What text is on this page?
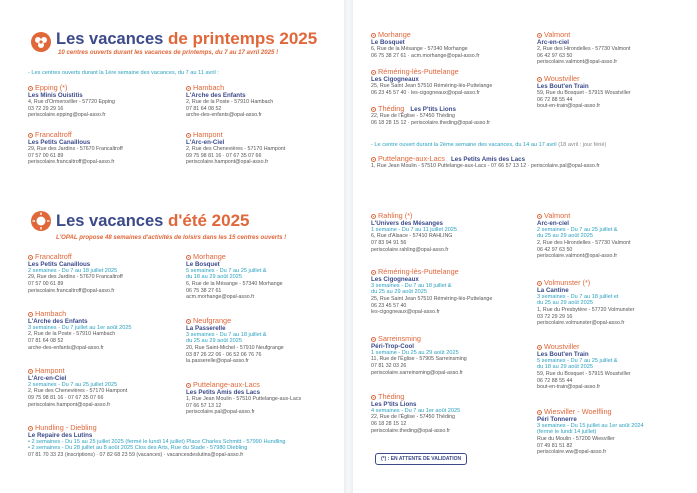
Les vacances de printemps 2025
10 centres ouverts durant les vacances de printemps, du 7 au 17 avril 2025 !
- Les centres ouverts durant la 1ère semaine des vacances, du 7 au 11 avril :
Epping (*)
Les Minis Ouistitis
4, Rue d'Ormersviller - 57720 Epping
03 72 29 29 16
periscolaire.epping@opal-asso.fr
Hambach
L'Arche des Enfants
2, Rue de la Poste - 57910 Hambach
07 81 64 08 52
arche-des-enfants@opal-asso.fr
Francaltroff
Les Petits Canaillous
29, Rue des Jardins - 57670 Francaltroff
07 57 00 61 89
periscolaire.francaltroff@opal-asso.fr
Hampont
L'Arc-en-Ciel
2, Rue des Chenevières - 57170 Hampont
09 75 98 81 16 · 07 67 35 07 66
periscolaire.hampont@opal-asso.fr
Les vacances d'été 2025
L'OPAL propose 48 semaines d'activités de loisirs dans les 15 centres ouverts !
Francaltroff
Les Petits Canaillous
2 semaines - Du 7 au 18 juillet 2025
29, Rue des Jardins - 57670 Francaltroff
07 57 00 61 89
periscolaire.francaltroff@opal-asso.fr
Hambach
L'Arche des Enfants
3 semaines - Du 7 juillet au 1er août 2025
2, Rue de la Poste - 57910 Hambach
07 81 64 08 52
arche-des-enfants@opal-asso.fr
Hampont
L'Arc-en-Ciel
2 semaines - Du 7 au 25 juillet 2025
2, Rue des Chenevières - 57170 Hampont
09 75 98 81 16 · 07 67 35 07 66
periscolaire.hampont@opal-asso.fr
Morhange
Le Bosquet
5 semaines - Du 7 au 25 juillet &
du 18 au 29 août 2025
6, Rue de la Mésange - 57340 Morhange
06 75 38 27 61
acm.morhange@opal-asso.fr
Neufgrange
La Passerelle
3 semaines - Du 7 au 18 juillet &
du 25 au 29 août 2025
20, Rue Saint-Michel - 57910 Neufgrange
03 87 26 22 06 · 06 52 06 76 76
la.passerelle@opal-asso.fr
Puttelange-aux-Lacs
Les Petits Amis des Lacs
1, Rue Jean Moulin - 57510 Puttelange-aux-Lacs
07 66 57 13 12
periscolaire.pal@opal-asso.fr
Hundling - Diebling
Le Repaire des Lutins
• 2 semaines - Du 15 au 25 juillet 2025 (fermé le lundi 14 juillet) Place Charles Schmitt - 57990 Hundling
• 2 semaines - Du 28 juillet au 8 août 2025 Clos des Arts, Rue du Stade - 57980 Diebling
07 81 70 33 23 (inscriptions) · 07 82 68 23 59 (vacances) · vacancesdeslutins@opal-asso.fr
Morhange
Le Bosquet
6, Rue de la Mésange - 57340 Morhange
06 75 38 27 61 · acm.morhange@opal-asso.fr
Valmont
Arc-en-ciel
2, Rue des Hirondelles - 57730 Valmont
06 42 97 63 50
periscolaire.valmont@opal-asso.fr
Réméring-lès-Puttelange
Les Cigogneaux
25, Rue Saint Jean 57510 Réméring-lès-Puttelange
06 23 45 57 40 · les-cigogneaux@opal-asso.fr
Woustviller
Les Bout'en Train
59, Rue du Bosquet - 57915 Woustviller
06 72 88 55 44
bout-en-train@opal-asso.fr
Théding
Les P'tits Lions
22, Rue de l'Église - 57450 Théding
06 18 28 15 12 · periscolaire.theding@opal-asso.fr
- Le centre ouvert durant la 2ème semaine des vacances, du 14 au 17 avril (18 avril : jour férié)
Puttelange-aux-Lacs
Les Petits Amis des Lacs
1, Rue Jean Moulin - 57510 Puttelange-aux-Lacs - 07 66 57 13 12 · periscolaire.pal@opal-asso.fr
Rahling (*)
L'Univers des Mésanges
1 semaine - Du 7 au 11 juillet 2025
6, Rue d'Alsace - 57410 RAHLING
07 83 94 91 56
periscolaire.rahling@opal-asso.fr
Réméring-lès-Puttelange
Les Cigogneaux
3 semaines - Du 7 au 18 juillet &
du 25 au 29 août 2025
25, Rue Saint Jean 57510 Réméring-lès-Puttelange
06 23 45 57 40
les-cigogneaux@opal-asso.fr
Sarreinsming
Péri-Trop-Cool
1 semaine - Du 25 au 29 août 2025
11, Rue de l'Église - 57905 Sarreinsming
07 81 32 03 26
periscolaire.sarreinsming@opal-asso.fr
Théding
Les P'tits Lions
4 semaines - Du 7 au 1er août 2025
22, Rue de l'Église - 57450 Théding
06 18 28 15 12
periscolaire.theding@opal-asso.fr
(*) : EN ATTENTE DE VALIDATION
Valmont
Arc-en-ciel
2 semaines - Du 7 au 25 juillet &
du 25 au 29 août 2025
2, Rue des Hirondelles - 57730 Valmont
06 42 97 63 50
periscolaire.valmont@opal-asso.fr
Volmunster (*)
La Cantine
3 semaines - Du 7 au 18 juillet et
du 25 au 29 août 2025
1, Rue du Presbytère - 57720 Volmunster
03 72 29 29 16
periscolaire.volmunster@opal-asso.fr
Woustviller
Les Bout'en Train
5 semaines - Du 7 au 25 juillet &
du 18 au 29 août 2025
59, Rue du Bosquet - 57915 Woustviller
06 72 88 55 44
bout-en-train@opal-asso.fr
Wiesviller - Woelfling
Péri Tonnerre
3 semaines - Du 15 juillet au 1er août 2024
(fermé le lundi 14 juillet)
Rue du Moulin - 57200 Wiesviller
07 49 81 51 82
periscolaire.ww@opal-asso.fr
